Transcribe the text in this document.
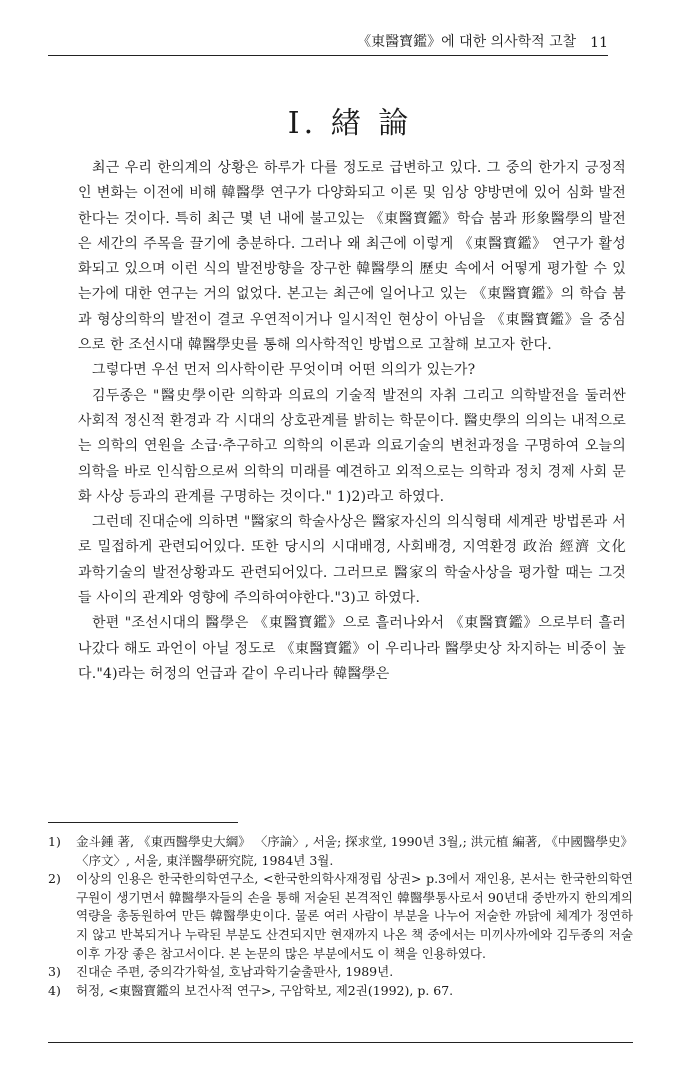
《東醫寶鑑》에 대한 의사학적 고찰 11
Ⅰ. 緖 論

최근 우리 한의계의 상황은 하루가 다를 정도로 급변하고 있다. 그 중의 한가지 긍정적인 변화는 이전에 비해 韓醫學 연구가 다양화되고 이론 및 임상 양방면에 있어 심화 발전한다는 것이다. 특히 최근 몇 년 내에 불고있는 《東醫寶鑑》학습 붐과 形象醫學의 발전은 세간의 주목을 끌기에 충분하다. 그러나 왜 최근에 이렇게 《東醫寶鑑》 연구가 활성화되고 있으며 이런 식의 발전방향을 장구한 韓醫學의 歷史 속에서 어떻게 평가할 수 있는가에 대한 연구는 거의 없었다. 본고는 최근에 일어나고 있는 《東醫寶鑑》의 학습 붐과 형상의학의 발전이 결코 우연적이거나 일시적인 현상이 아님을 《東醫寶鑑》을 중심으로 한 조선시대 韓醫學史를 통해 의사학적인 방법으로 고찰해 보고자 한다.

그렇다면 우선 먼저 의사학이란 무엇이며 어떤 의의가 있는가?

김두종은 "醫史學이란 의학과 의료의 기술적 발전의 자취 그리고 의학발전을 둘러싼 사회적 정신적 환경과 각 시대의 상호관계를 밝히는 학문이다. 醫史學의 의의는 내적으로는 의학의 연원을 소급·추구하고 의학의 이론과 의료기술의 변천과정을 구명하여 오늘의 의학을 바로 인식함으로써 의학의 미래를 예견하고 외적으로는 의학과 정치 경제 사회 문화 사상 등과의 관계를 구명하는 것이다." 1)2)라고 하였다.

그런데 진대순에 의하면 "醫家의 학술사상은 醫家자신의 의식형태 세계관 방법론과 서로 밀접하게 관련되어있다. 또한 당시의 시대배경, 사회배경, 지역환경 政治 經濟 文化 과학기술의 발전상황과도 관련되어있다. 그러므로 醫家의 학술사상을 평가할 때는 그것들 사이의 관계와 영향에 주의하여야한다."3)고 하였다.

한편 "조선시대의 醫學은 《東醫寶鑑》으로 흘러나와서 《東醫寶鑑》으로부터 흘러나갔다 해도 과언이 아닐 정도로 《東醫寶鑑》이 우리나라 醫學史상 차지하는 비중이 높다."4)라는 허정의 언급과 같이 우리나라 韓醫學은

1)	金斗鍾 著, 《東西醫學史大綱》 〈序論〉, 서울; 探求堂, 1990년 3월,; 洪元植 編著, 《中國醫學史》 〈序文〉, 서울, 東洋醫學硏究院, 1984년 3월.
2)	이상의 인용은 한국한의학연구소, <한국한의학사재정립 상권> p.3에서 재인용, 본서는 한국한의학연구원이 생기면서 韓醫學자들의 손을 통해 저술된 본격적인 韓醫學통사로서 90년대 중반까지 한의계의 역량을 총동원하여 만든 韓醫學史이다. 물론 여러 사람이 부분을 나누어 저술한 까닭에 체계가 정연하지 않고 반복되거나 누락된 부분도 산견되지만 현재까지 나온 책 중에서는 미끼사까에와 김두종의 저술 이후 가장 좋은 참고서이다. 본 논문의 많은 부분에서도 이 책을 인용하였다.
3)	진대순 주편, 중의각가학설, 호남과학기술출판사, 1989년.
4)	허정, <東醫寶鑑의 보건사적 연구>, 구암학보, 제2권(1992), p. 67.
